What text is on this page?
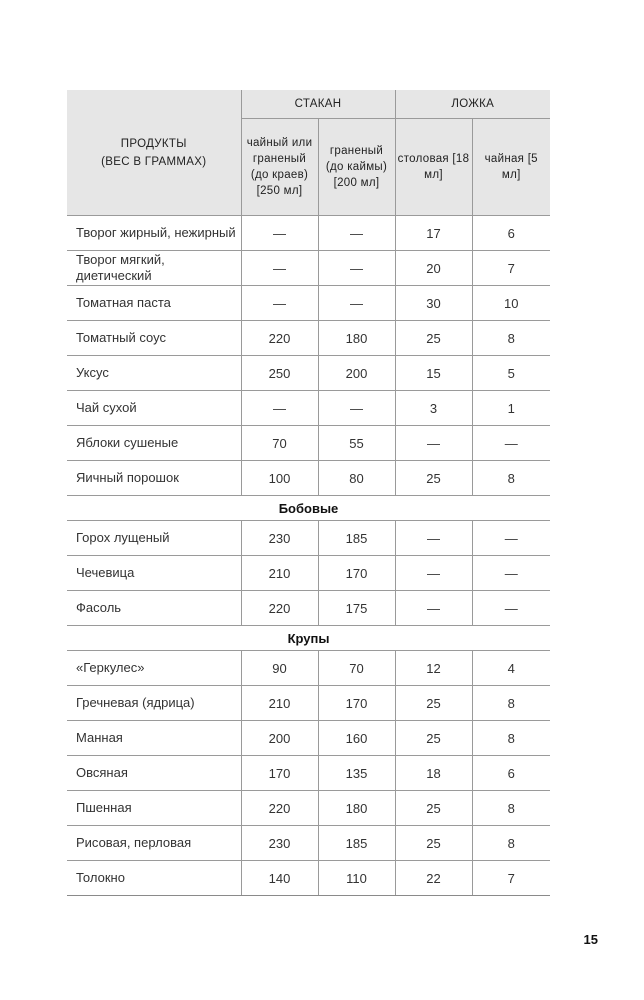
ПРОДУКТЫ
(ВЕС В ГРАММАХ)	СТАКАН		ЛОЖКА	
	чайный или граненый (до краев) [250 мл]	граненый (до каймы) [200 мл]	столовая [18 мл]	чайная [5 мл]
Творог жирный, нежирный	—	—	17	6
Творог мягкий, диетический	—	—	20	7
Томатная паста	—	—	30	10
Томатный соус	220	180	25	8
Уксус	250	200	15	5
Чай сухой	—	—	3	1
Яблоки сушеные	70	55	—	—
Яичный порошок	100	80	25	8
Бобовые				
Горох лущеный	230	185	—	—
Чечевица	210	170	—	—
Фасоль	220	175	—	—
Крупы				
«Геркулес»	90	70	12	4
Гречневая (ядрица)	210	170	25	8
Манная	200	160	25	8
Овсяная	170	135	18	6
Пшенная	220	180	25	8
Рисовая, перловая	230	185	25	8
Толокно	140	110	22	7
15
